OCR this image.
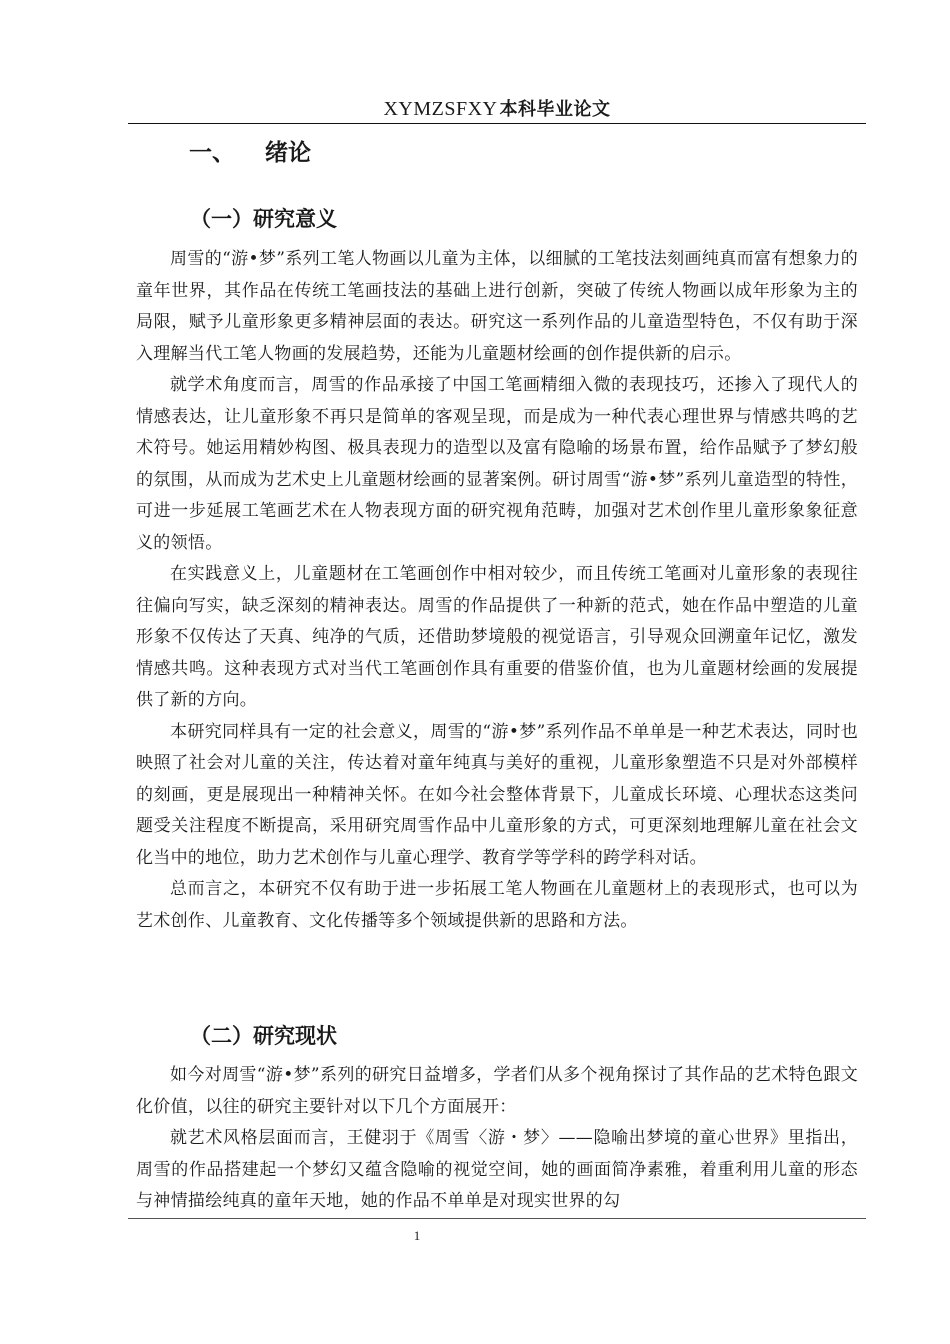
XYMZSFXY 本科毕业论文
一、 绪论
（一）研究意义

周雪的“游•梦”系列工笔人物画以儿童为主体，以细腻的工笔技法刻画纯真而富有想象力的童年世界，其作品在传统工笔画技法的基础上进行创新，突破了传统人物画以成年形象为主的局限，赋予儿童形象更多精神层面的表达。研究这一系列作品的儿童造型特色，不仅有助于深入理解当代工笔人物画的发展趋势，还能为儿童题材绘画的创作提供新的启示。

就学术角度而言，周雪的作品承接了中国工笔画精细入微的表现技巧，还掺入了现代人的情感表达，让儿童形象不再只是简单的客观呈现，而是成为一种代表心理世界与情感共鸣的艺术符号。她运用精妙构图、极具表现力的造型以及富有隐喻的场景布置，给作品赋予了梦幻般的氛围，从而成为艺术史上儿童题材绘画的显著案例。研讨周雪“游•梦”系列儿童造型的特性，可进一步延展工笔画艺术在人物表现方面的研究视角范畴，加强对艺术创作里儿童形象象征意义的领悟。

在实践意义上，儿童题材在工笔画创作中相对较少，而且传统工笔画对儿童形象的表现往往偏向写实，缺乏深刻的精神表达。周雪的作品提供了一种新的范式，她在作品中塑造的儿童形象不仅传达了天真、纯净的气质，还借助梦境般的视觉语言，引导观众回溯童年记忆，激发情感共鸣。这种表现方式对当代工笔画创作具有重要的借鉴价值，也为儿童题材绘画的发展提供了新的方向。

本研究同样具有一定的社会意义，周雪的“游•梦”系列作品不单单是一种艺术表达，同时也映照了社会对儿童的关注，传达着对童年纯真与美好的重视，儿童形象塑造不只是对外部模样的刻画，更是展现出一种精神关怀。在如今社会整体背景下，儿童成长环境、心理状态这类问题受关注程度不断提高，采用研究周雪作品中儿童形象的方式，可更深刻地理解儿童在社会文化当中的地位，助力艺术创作与儿童心理学、教育学等学科的跨学科对话。

总而言之，本研究不仅有助于进一步拓展工笔人物画在儿童题材上的表现形式，也可以为艺术创作、儿童教育、文化传播等多个领域提供新的思路和方法。

（二）研究现状

如今对周雪“游•梦”系列的研究日益增多，学者们从多个视角探讨了其作品的艺术特色跟文化价值，以往的研究主要针对以下几个方面展开：

就艺术风格层面而言，王健羽于《周雪〈游・梦〉——隐喻出梦境的童心世界》里指出，周雪的作品搭建起一个梦幻又蕴含隐喻的视觉空间，她的画面简净素雅，着重利用儿童的形态与神情描绘纯真的童年天地，她的作品不单单是对现实世界的勾

1
